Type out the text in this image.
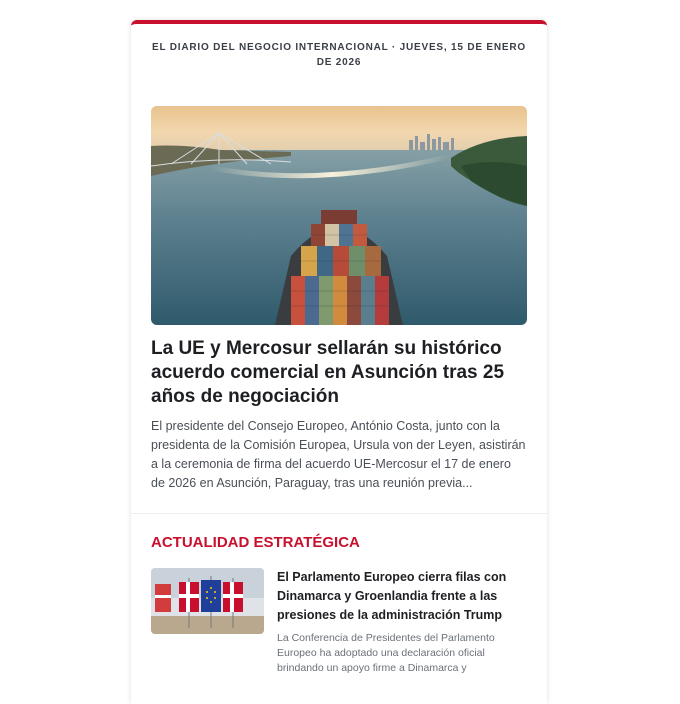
EL DIARIO DEL NEGOCIO INTERNACIONAL · JUEVES, 15 DE ENERO DE 2026
La UE y Mercosur sellarán su histórico acuerdo comercial en Asunción tras 25 años de negociación
El presidente del Consejo Europeo, António Costa, junto con la presidenta de la Comisión Europea, Ursula von der Leyen, asistirán a la ceremonia de firma del acuerdo UE-Mercosur el 17 de enero de 2026 en Asunción, Paraguay, tras una reunión previa...
ACTUALIDAD ESTRATÉGICA
El Parlamento Europeo cierra filas con Dinamarca y Groenlandia frente a las presiones de la administración Trump
La Conferencia de Presidentes del Parlamento Europeo ha adoptado una declaración oficial brindando un apoyo firme a Dinamarca y
